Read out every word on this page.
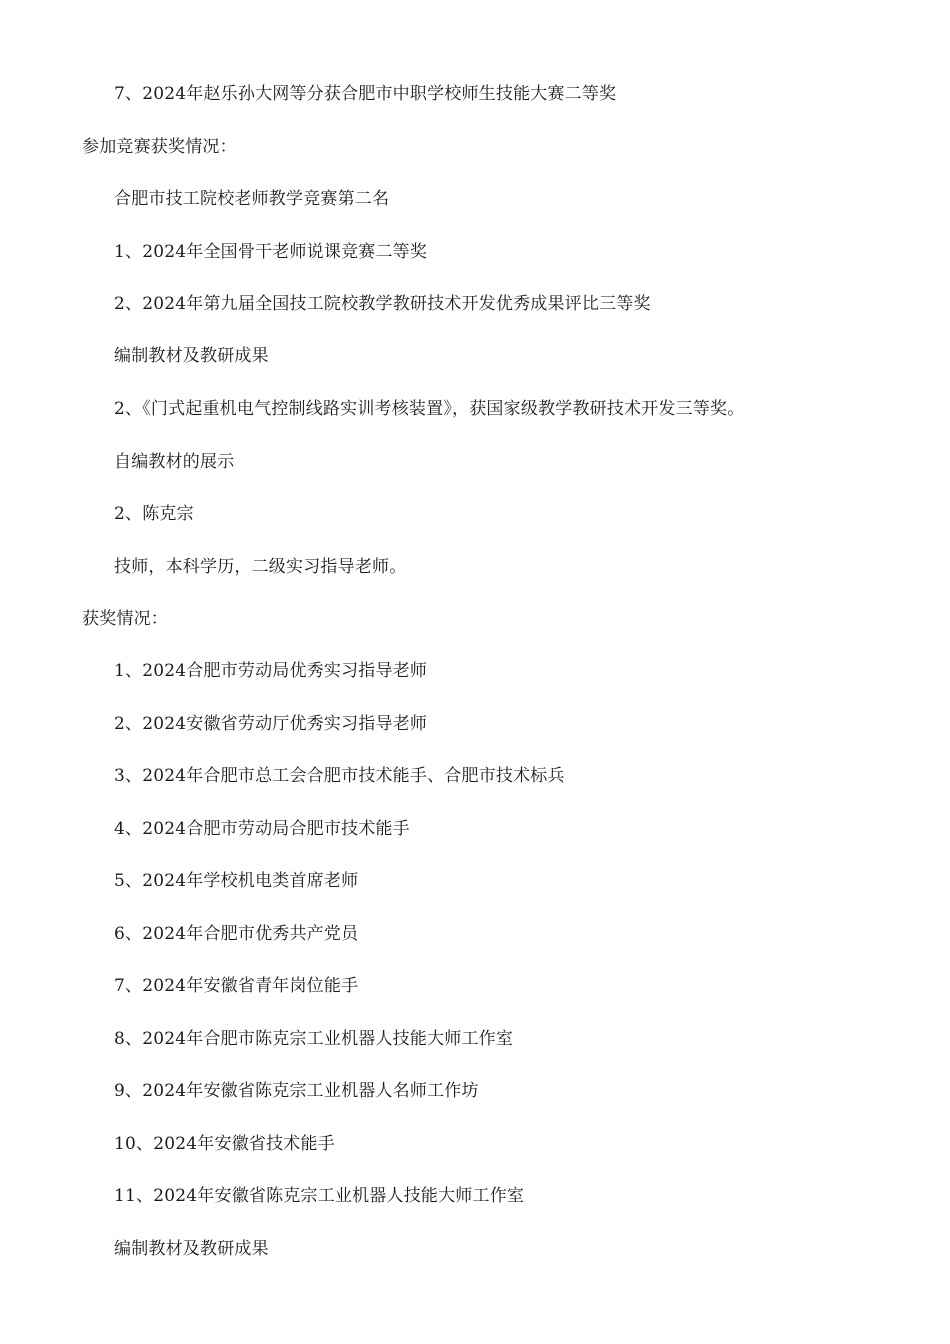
7、2024年赵乐孙大网等分获合肥市中职学校师生技能大赛二等奖
参加竞赛获奖情况：
合肥市技工院校老师教学竞赛第二名
1、2024年全国骨干老师说课竞赛二等奖
2、2024年第九届全国技工院校教学教研技术开发优秀成果评比三等奖
编制教材及教研成果
2、《门式起重机电气控制线路实训考核装置》，获国家级教学教研技术开发三等奖。
自编教材的展示
2、陈克宗
技师，本科学历，二级实习指导老师。
获奖情况：
1、2024合肥市劳动局优秀实习指导老师
2、2024安徽省劳动厅优秀实习指导老师
3、2024年合肥市总工会合肥市技术能手、合肥市技术标兵
4、2024合肥市劳动局合肥市技术能手
5、2024年学校机电类首席老师
6、2024年合肥市优秀共产党员
7、2024年安徽省青年岗位能手
8、2024年合肥市陈克宗工业机器人技能大师工作室
9、2024年安徽省陈克宗工业机器人名师工作坊
10、2024年安徽省技术能手
11、2024年安徽省陈克宗工业机器人技能大师工作室
编制教材及教研成果
